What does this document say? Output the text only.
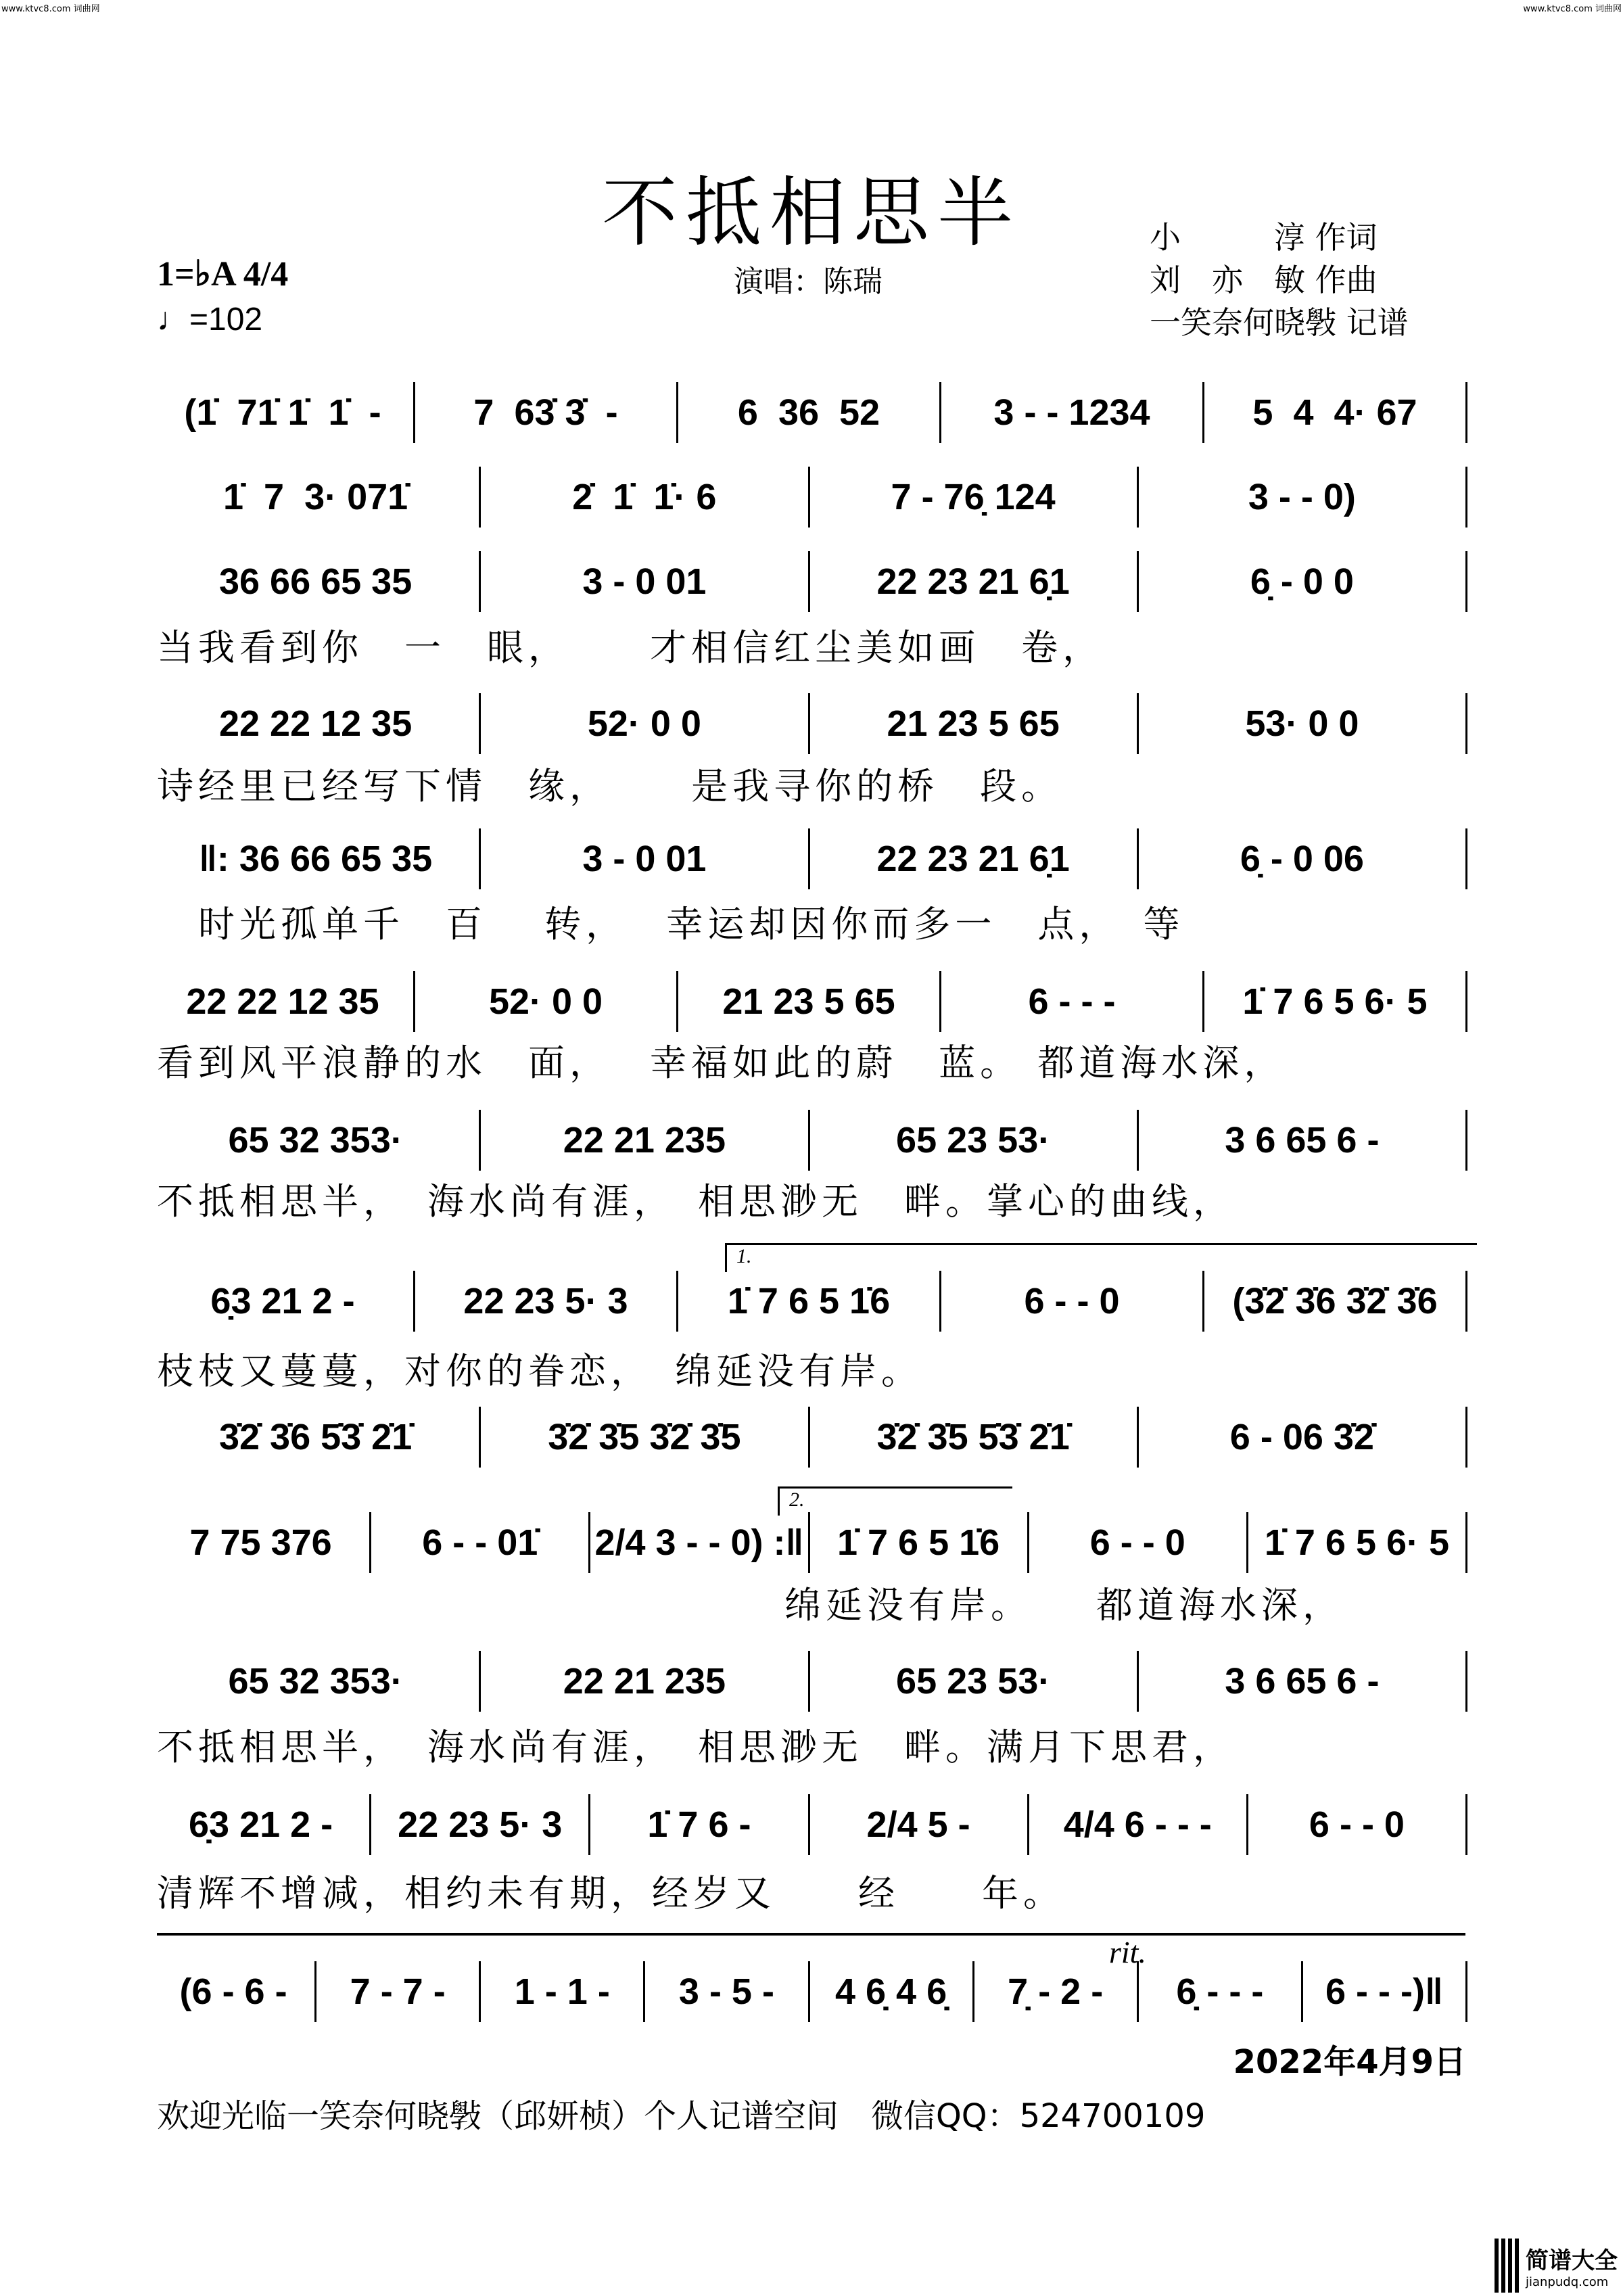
www.ktvc8.com 词曲网	www.ktvc8.com 词曲网
不抵相思半	小　　　淳 作词
刘　亦　敏 作曲
一笑奈何晓斅 记谱
1=♭A 4/4
♩=102
演唱：陈瑞
(1̇  71̇ 1̇  1̇  -	7  63̇ 3̇  -	6  36  52	3 - - 1234	5  4  4· 67
1̇  7  3· 071̇	2̇  1̇  1̇· 6	7 - 76̣ 124	3 - - 0)
36 66 65 35	3 - 0 01	22 23 21 6̣1	6̣ - 0 0
22 22 12 35	52· 0 0	21 23 5 65	53· 0 0
‖: 36 66 65 35	3 - 0 01	22 23 21 6̣1	6̣ - 0 06
22 22 12 35	52· 0 0	21 23 5 65	6 - - -	1̇ 7 6 5 6· 5
65 32 353·	22 21 235	65 23 53·	3 6 65 6 -
6̣3 21 2 -	22 23 5· 3	1̇ 7 6 5 1̇6	6 - - 0	(3̇2̇ 3̇6 3̇2̇ 3̇6
3̇2̇ 3̇6 5̇3̇ 2̇1̇	3̇2̇ 3̇5 3̇2̇ 3̇5	3̇2̇ 3̇5 5̇3̇ 2̇1̇	6 - 06 3̇2̇
7 75 376	6 - - 01̇	2/4 3 - - 0) :‖ 1̇ 7 6 5 1̇6	6 - - 0	1̇ 7 6 5 6· 5
65 32 353·	22 21 235	65 23 53·	3 6 65 6 -
6̣3 21 2 -	22 23 5· 3	1̇ 7 6 -	2/4 5 -	4/4 6 - - -	6 - - 0
(6 - 6 -	7 - 7 -	1 - 1 -	3 - 5 -	4 6̣ 4 6̣	7̣ - 2 -	6̣ - - -	6 - - -)‖
当我看到你　一　眼，　　 才相信红尘美如画　卷，
诗经里已经写下情　缘，　　 是我寻你的桥　段。
　时光孤单千　百　 转，　 幸运却因你而多一　点，　等
看到风平浪静的水　面，　 幸福如此的蔚　蓝。 都道海水深，
不抵相思半，　海水尚有涯，　相思渺无　畔。掌心的曲线，
枝枝又蔓蔓，对你的眷恋，　绵延没有岸。
绵延没有岸。　　都道海水深，
不抵相思半，　海水尚有涯，　相思渺无　畔。满月下思君，
清辉不增减，相约未有期，经岁又　　经　　年。
1.
2.
rit.
2022年4月9日
欢迎光临一笑奈何晓斅（邱妍桢）个人记谱空间　微信QQ：524700109
简谱大全
jianpudq.com
